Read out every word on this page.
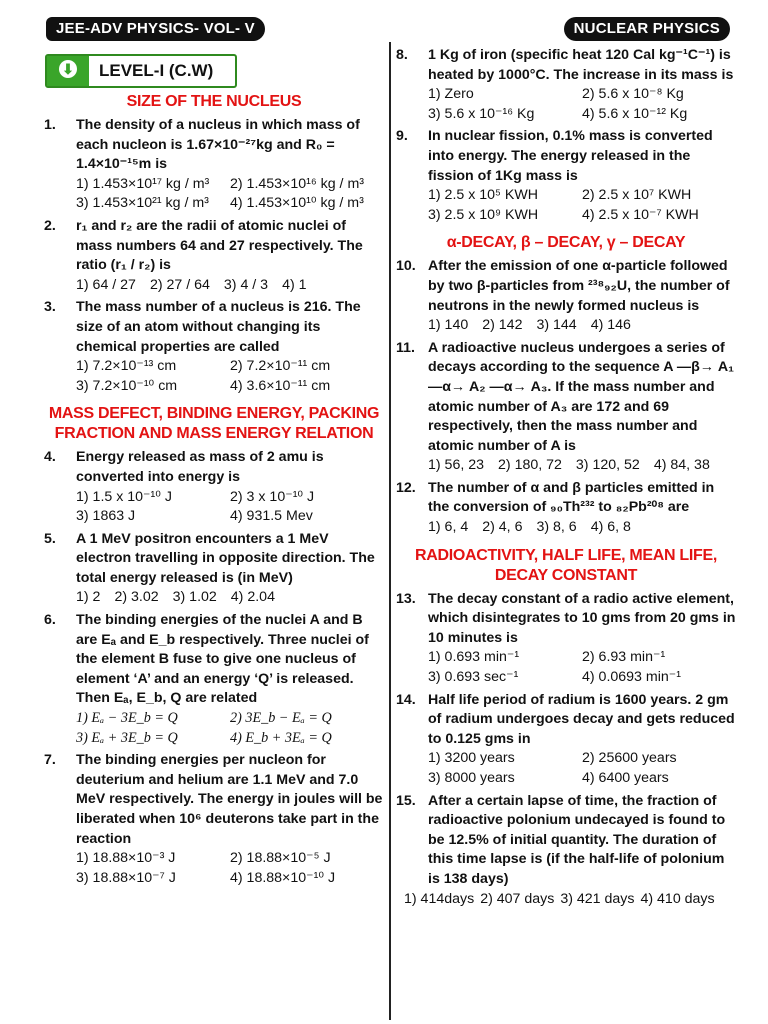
JEE-ADV PHYSICS- VOL- V	NUCLEAR PHYSICS
⬇ LEVEL-I (C.W)
SIZE OF THE NUCLEUS
1.	The density of a nucleus in which mass of each nucleon is 1.67×10⁻²⁷kg and R₀ = 1.4×10⁻¹⁵m is
1) 1.453×10¹⁷ kg / m³	2) 1.453×10¹⁶ kg / m³
3) 1.453×10²¹ kg / m³	4) 1.453×10¹⁰ kg / m³
2.	r₁ and r₂ are the radii of atomic nuclei of mass numbers 64 and 27 respectively. The ratio (r₁ / r₂) is
1) 64 / 27 2) 27 / 64 3) 4 / 3 4) 1
3.	The mass number of a nucleus is 216. The size of an atom without changing its chemical properties are called
1) 7.2×10⁻¹³ cm	2) 7.2×10⁻¹¹ cm
3) 7.2×10⁻¹⁰ cm	4) 3.6×10⁻¹¹ cm
MASS DEFECT, BINDING ENERGY, PACKING FRACTION AND MASS ENERGY RELATION
4.	Energy released as mass of 2 amu is converted into energy is
1) 1.5 x 10⁻¹⁰ J	2) 3 x 10⁻¹⁰ J
3) 1863 J	4) 931.5 Mev
5.	A 1 MeV positron encounters a 1 MeV electron travelling in opposite direction. The total energy released is (in MeV)
1) 2 2) 3.02 3) 1.02 4) 2.04
6.	The binding energies of the nuclei A and B are Eₐ and E_b respectively. Three nuclei of the element B fuse to give one nucleus of element ‘A’ and an energy ‘Q’ is released. Then Eₐ, E_b, Q are related
1) Eₐ − 3E_b = Q	2) 3E_b − Eₐ = Q
3) Eₐ + 3E_b = Q	4) E_b + 3Eₐ = Q
7.	The binding energies per nucleon for deuterium and helium are 1.1 MeV and 7.0 MeV respectively. The energy in joules will be liberated when 10⁶ deuterons take part in the reaction
1) 18.88×10⁻³ J	2) 18.88×10⁻⁵ J
3) 18.88×10⁻⁷ J	4) 18.88×10⁻¹⁰ J
8.	1 Kg of iron (specific heat 120 Cal kg⁻¹C⁻¹) is heated by 1000°C. The increase in its mass is
1) Zero	2) 5.6 x 10⁻⁸ Kg
3) 5.6 x 10⁻¹⁶ Kg	4) 5.6 x 10⁻¹² Kg
9.	In nuclear fission, 0.1% mass is converted into energy. The energy released in the fission of 1Kg mass is
1) 2.5 x 10⁵ KWH	2) 2.5 x 10⁷ KWH
3) 2.5 x 10⁹ KWH	4) 2.5 x 10⁻⁷ KWH
α-DECAY, β – DECAY, γ – DECAY
10. After the emission of one α-particle followed by two β-particles from ²³⁸₉₂U, the number of neutrons in the newly formed nucleus is
1) 140 2) 142 3) 144 4) 146
11. A radioactive nucleus undergoes a series of decays according to the sequence A —β→ A₁ —α→ A₂ —α→ A₃. If the mass number and atomic number of A₃ are 172 and 69 respectively, then the mass number and atomic number of A is
1) 56, 23 2) 180, 72 3) 120, 52 4) 84, 38
12. The number of α and β particles emitted in the conversion of ₉₀Th²³² to ₈₂Pb²⁰⁸ are
1) 6, 4 2) 4, 6 3) 8, 6 4) 6, 8
RADIOACTIVITY, HALF LIFE, MEAN LIFE, DECAY CONSTANT
13. The decay constant of a radio active element, which disintegrates to 10 gms from 20 gms in 10 minutes is
1) 0.693 min⁻¹	2) 6.93 min⁻¹
3) 0.693 sec⁻¹	4) 0.0693 min⁻¹
14. Half life period of radium is 1600 years. 2 gm of radium undergoes decay and gets reduced to 0.125 gms in
1) 3200 years	2) 25600 years
3) 8000 years	4) 6400 years
15. After a certain lapse of time, the fraction of radioactive polonium undecayed is found to be 12.5% of initial quantity. The duration of this time lapse is (if the half-life of polonium is 138 days)
1) 414days 2) 407 days 3) 421 days 4) 410 days
